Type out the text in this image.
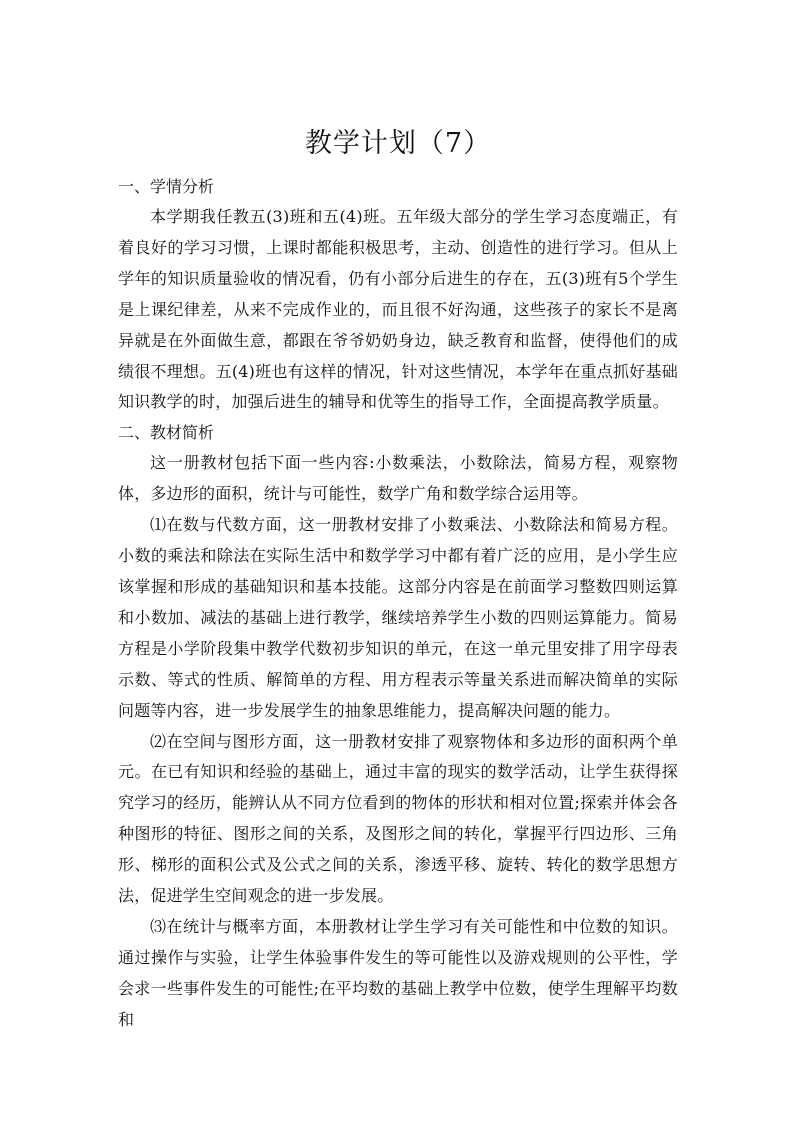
教学计划（7）
一、学情分析

本学期我任教五(3)班和五(4)班。五年级大部分的学生学习态度端正，有着良好的学习习惯，上课时都能积极思考，主动、创造性的进行学习。但从上学年的知识质量验收的情况看，仍有小部分后进生的存在，五(3)班有5个学生是上课纪律差，从来不完成作业的，而且很不好沟通，这些孩子的家长不是离异就是在外面做生意，都跟在爷爷奶奶身边，缺乏教育和监督，使得他们的成绩很不理想。五(4)班也有这样的情况，针对这些情况，本学年在重点抓好基础知识教学的时，加强后进生的辅导和优等生的指导工作，全面提高教学质量。

二、教材简析

这一册教材包括下面一些内容:小数乘法，小数除法，简易方程，观察物体，多边形的面积，统计与可能性，数学广角和数学综合运用等。

⑴在数与代数方面，这一册教材安排了小数乘法、小数除法和简易方程。小数的乘法和除法在实际生活中和数学学习中都有着广泛的应用，是小学生应该掌握和形成的基础知识和基本技能。这部分内容是在前面学习整数四则运算和小数加、减法的基础上进行教学，继续培养学生小数的四则运算能力。简易方程是小学阶段集中教学代数初步知识的单元，在这一单元里安排了用字母表示数、等式的性质、解简单的方程、用方程表示等量关系进而解决简单的实际问题等内容，进一步发展学生的抽象思维能力，提高解决问题的能力。

⑵在空间与图形方面，这一册教材安排了观察物体和多边形的面积两个单元。在已有知识和经验的基础上，通过丰富的现实的数学活动，让学生获得探究学习的经历，能辨认从不同方位看到的物体的形状和相对位置;探索并体会各种图形的特征、图形之间的关系，及图形之间的转化，掌握平行四边形、三角形、梯形的面积公式及公式之间的关系，渗透平移、旋转、转化的数学思想方法，促进学生空间观念的进一步发展。

⑶在统计与概率方面，本册教材让学生学习有关可能性和中位数的知识。通过操作与实验，让学生体验事件发生的等可能性以及游戏规则的公平性，学会求一些事件发生的可能性;在平均数的基础上教学中位数，使学生理解平均数和
